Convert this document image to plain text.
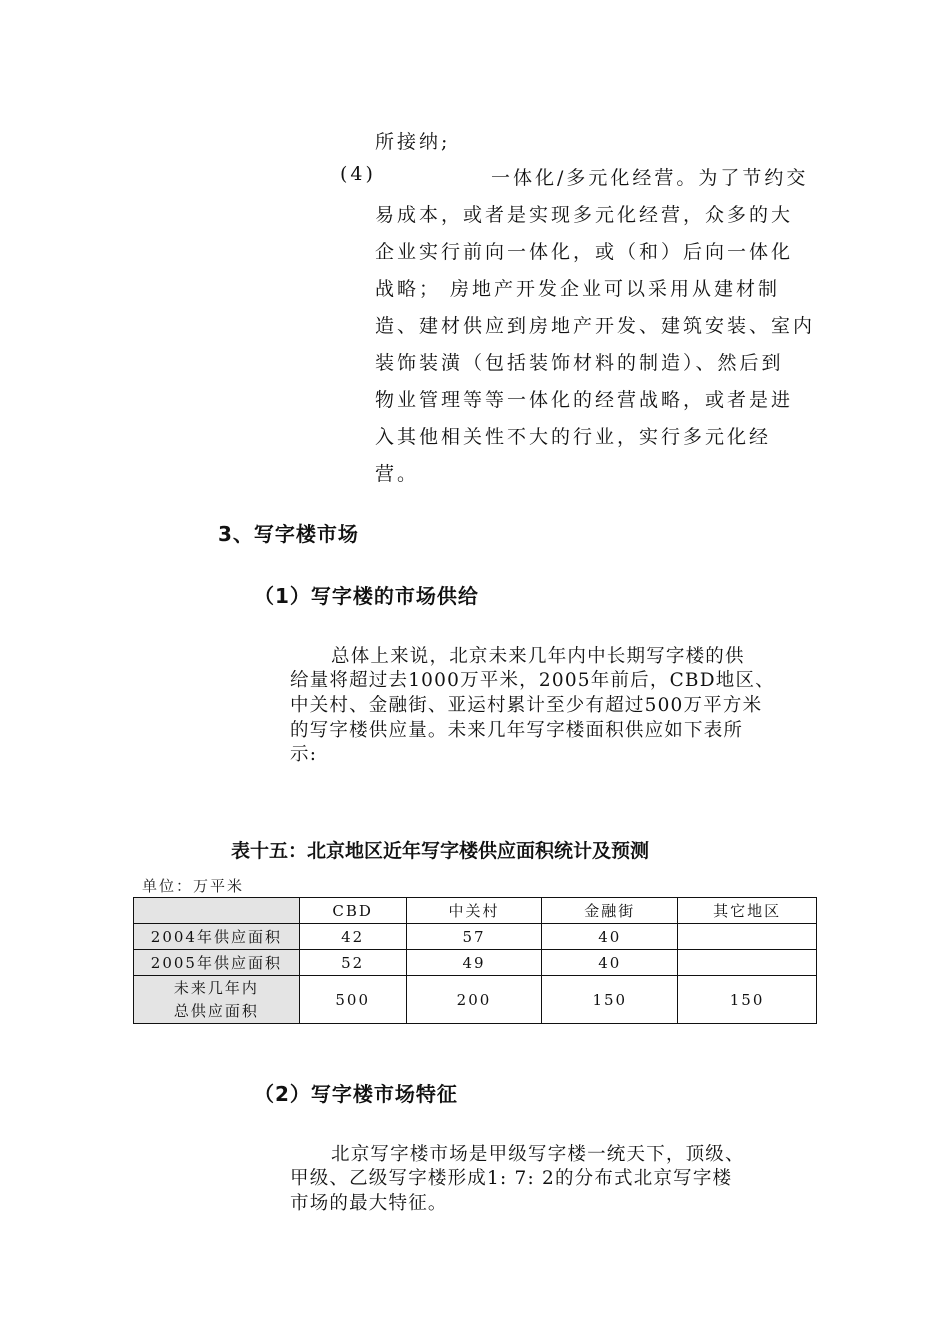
所接纳;
(4)	一体化/多元化经营。为了节约交
易成本，或者是实现多元化经营，众多的大
企业实行前向一体化，或（和）后向一体化
战略； 房地产开发企业可以采用从建材制
造、建材供应到房地产开发、建筑安装、室内
装饰装潢（包括装饰材料的制造）、然后到
物业管理等等一体化的经营战略，或者是进
入其他相关性不大的行业，实行多元化经
营。
3、写字楼市场
（1）写字楼的市场供给
总体上来说，北京未来几年内中长期写字楼的供
给量将超过去1000万平米，2005年前后，CBD地区、
中关村、金融街、亚运村累计至少有超过500万平方米
的写字楼供应量。未来几年写字楼面积供应如下表所
示:
表十五：北京地区近年写字楼供应面积统计及预测
单位：万平米
	CBD	中关村	金融街	其它地区
2004年供应面积	42	57	40	
2005年供应面积	52	49	40	

未来几年内
总供应面积	500	200	150	150
（2）写字楼市场特征
北京写字楼市场是甲级写字楼一统天下，顶级、
甲级、乙级写字楼形成1: 7: 2的分布式北京写字楼
市场的最大特征。
